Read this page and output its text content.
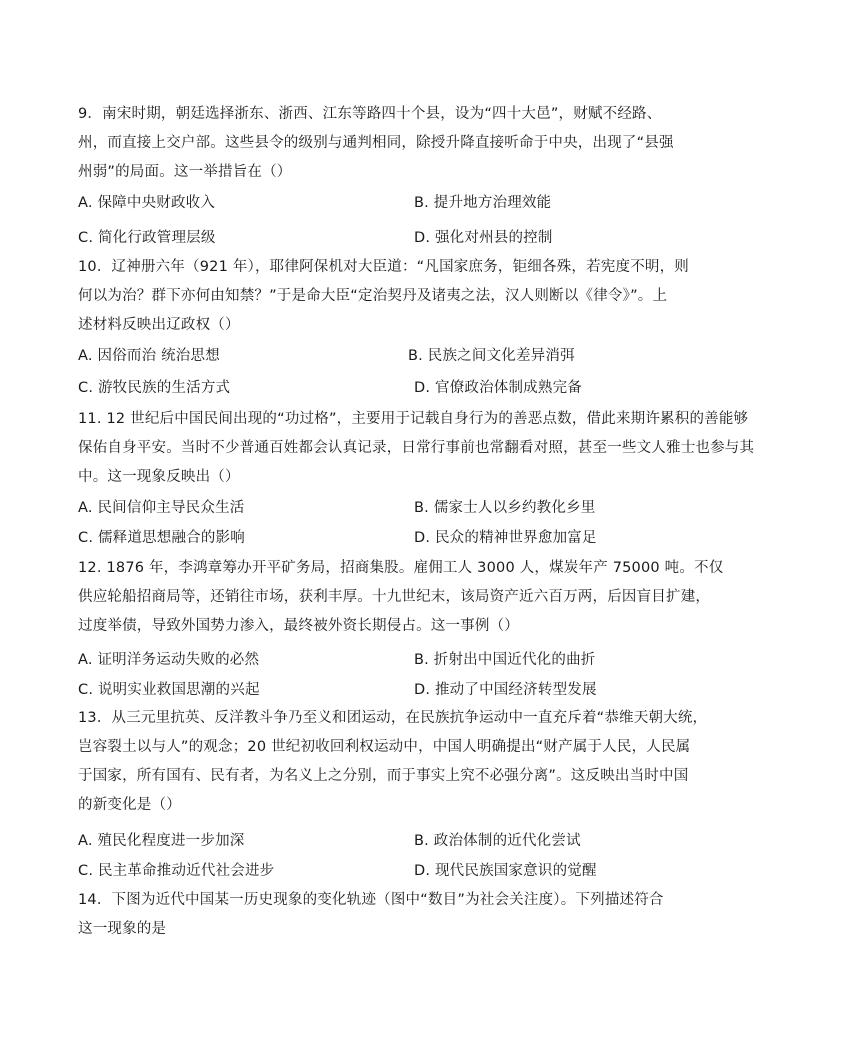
9．南宋时期，朝廷选择浙东、浙西、江东等路四十个县，设为“四十大邑”，财赋不经路、
州，而直接上交户部。这些县令的级别与通判相同，除授升降直接听命于中央，出现了“县强
州弱”的局面。这一举措旨在（）
A. 保障中央财政收入	B. 提升地方治理效能
C. 简化行政管理层级	D. 强化对州县的控制
10．辽神册六年（921 年），耶律阿保机对大臣道：“凡国家庶务，钜细各殊，若宪度不明，则
何以为治？群下亦何由知禁？”于是命大臣“定治契丹及诸夷之法，汉人则断以《律令》”。上
述材料反映出辽政权（）
A. 因俗而治 统治思想	B. 民族之间文化差异消弭
C. 游牧民族的生活方式	D. 官僚政治体制成熟完备
11. 12 世纪后中国民间出现的“功过格”，主要用于记载自身行为的善恶点数，借此来期许累积的善能够
保佑自身平安。当时不少普通百姓都会认真记录，日常行事前也常翻看对照，甚至一些文人雅士也参与其
中。这一现象反映出（）
A. 民间信仰主导民众生活	B. 儒家士人以乡约教化乡里
C. 儒释道思想融合的影响	D. 民众的精神世界愈加富足
12. 1876 年，李鸿章筹办开平矿务局，招商集股。雇佣工人 3000 人，煤炭年产 75000 吨。不仅
供应轮船招商局等，还销往市场，获利丰厚。十九世纪末，该局资产近六百万两，后因盲目扩建，
过度举债，导致外国势力渗入，最终被外资长期侵占。这一事例（）
A. 证明洋务运动失败的必然	B. 折射出中国近代化的曲折
C. 说明实业救国思潮的兴起	D. 推动了中国经济转型发展
13．从三元里抗英、反洋教斗争乃至义和团运动，在民族抗争运动中一直充斥着“恭维天朝大统，
岂容裂土以与人”的观念；20 世纪初收回利权运动中，中国人明确提出“财产属于人民，人民属
于国家，所有国有、民有者，为名义上之分别，而于事实上究不必强分离”。这反映出当时中国
的新变化是（）
A. 殖民化程度进一步加深	B. 政治体制的近代化尝试
C. 民主革命推动近代社会进步	D. 现代民族国家意识的觉醒
14．下图为近代中国某一历史现象的变化轨迹（图中“数目”为社会关注度）。下列描述符合
这一现象的是
